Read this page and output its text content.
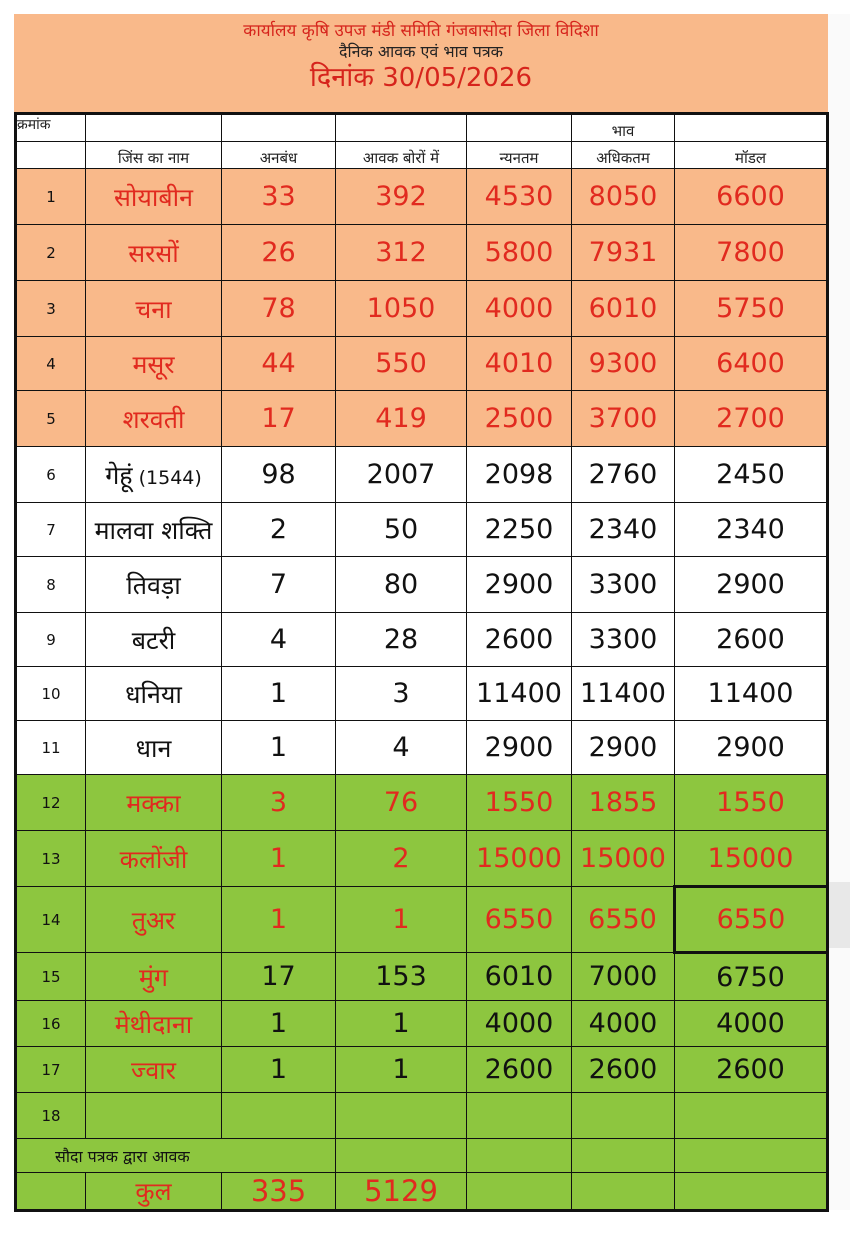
कार्यालय कृषि उपज मंडी समिति गंजबासोदा जिला विदिशा
दैनिक आवक एवं भाव पत्रक
दिनांक 30/05/2026
क्रमांक					भाव	
	जिंस का नाम	अनबंध	आवक बोरों में	न्यनतम	अधिकतम	मॉडल
1	सोयाबीन	33	392	4530	8050	6600
2	सरसों	26	312	5800	7931	7800
3	चना	78	1050	4000	6010	5750
4	मसूर	44	550	4010	9300	6400
5	शरवती	17	419	2500	3700	2700
6	गेहूं (1544)	98	2007	2098	2760	2450
7	मालवा शक्ति	2	50	2250	2340	2340
8	तिवड़ा	7	80	2900	3300	2900
9	बटरी	4	28	2600	3300	2600
10	धनिया	1	3	11400	11400	11400
11	धान	1	4	2900	2900	2900
12	मक्का	3	76	1550	1855	1550
13	कलोंजी	1	2	15000	15000	15000
14	तुअर	1	1	6550	6550	6550
15	मुंग	17	153	6010	7000	6750
16	मेथीदाना	1	1	4000	4000	4000
17	ज्वार	1	1	2600	2600	2600
18						
सौदा पत्रक द्वारा आवक						
	कुल	335	5129			
